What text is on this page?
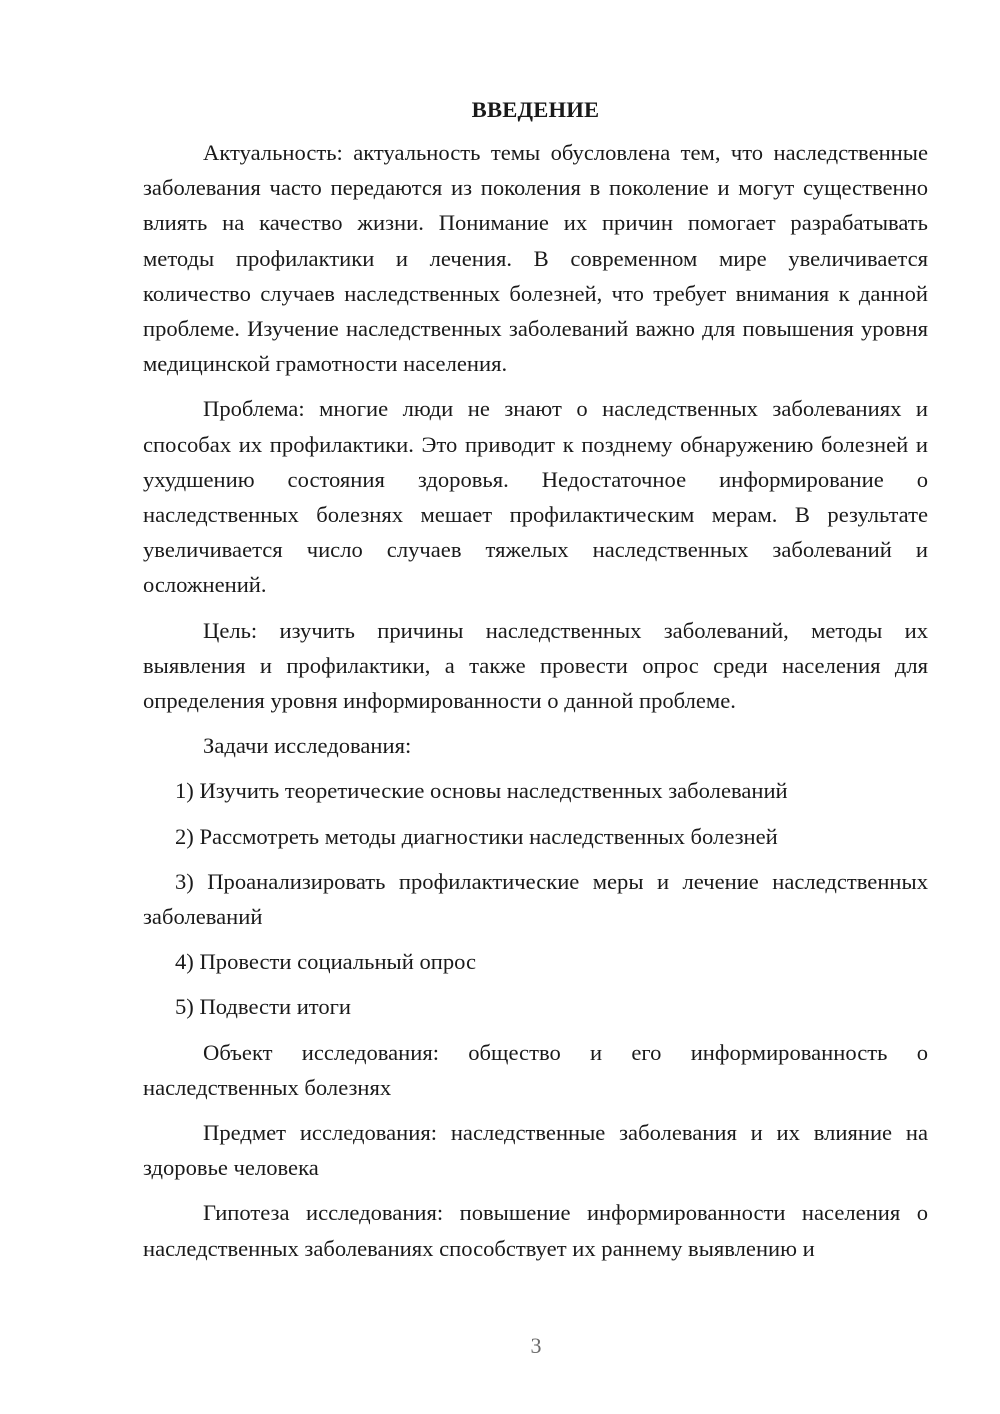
ВВЕДЕНИЕ

Актуальность: актуальность темы обусловлена тем, что наследственные заболевания часто передаются из поколения в поколение и могут существенно влиять на качество жизни. Понимание их причин помогает разрабатывать методы профилактики и лечения. В современном мире увеличивается количество случаев наследственных болезней, что требует внимания к данной проблеме. Изучение наследственных заболеваний важно для повышения уровня медицинской грамотности населения.

Проблема: многие люди не знают о наследственных заболеваниях и способах их профилактики. Это приводит к позднему обнаружению болезней и ухудшению состояния здоровья. Недостаточное информирование о наследственных болезнях мешает профилактическим мерам. В результате увеличивается число случаев тяжелых наследственных заболеваний и осложнений.

Цель: изучить причины наследственных заболеваний, методы их выявления и профилактики, а также провести опрос среди населения для определения уровня информированности о данной проблеме.

Задачи исследования:

1) Изучить теоретические основы наследственных заболеваний

2) Рассмотреть методы диагностики наследственных болезней

3) Проанализировать профилактические меры и лечение наследственных заболеваний

4) Провести социальный опрос

5) Подвести итоги

Объект исследования: общество и его информированность о наследственных болезнях

Предмет исследования: наследственные заболевания и их влияние на здоровье человека

Гипотеза исследования: повышение информированности населения о наследственных заболеваниях способствует их раннему выявлению и

3
